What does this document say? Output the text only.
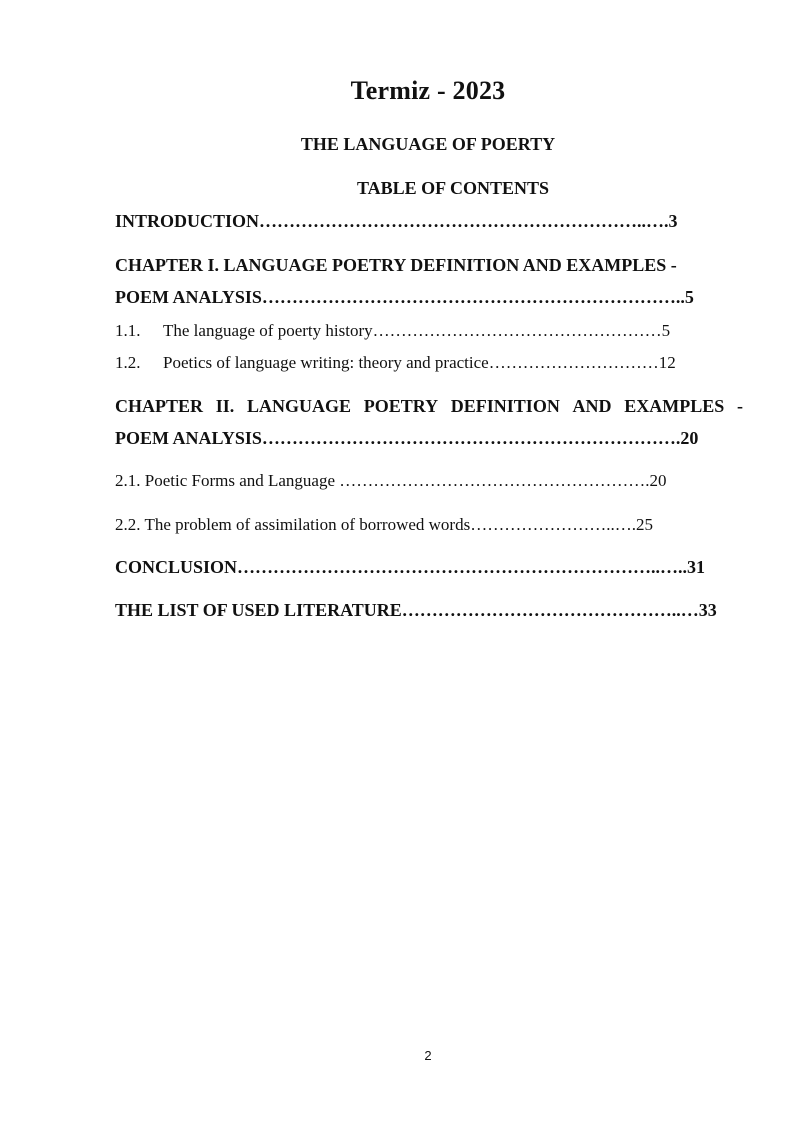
Termiz - 2023
THE LANGUAGE OF POERTY
TABLE OF CONTENTS
INTRODUCTION………………………………………………………..….3
CHAPTER I. LANGUAGE POETRY DEFINITION AND EXAMPLES -
POEM ANALYSIS……………………………………………………………..5
1.1. The language of poerty history……………………………………………5
1.2. Poetics of language writing: theory and practice…………………………12
CHAPTER II. LANGUAGE POETRY DEFINITION AND EXAMPLES -
POEM ANALYSIS…………………………………………………………….20
2.1. Poetic Forms and Language ……………………………………………….20
2.2. The problem of assimilation of borrowed words……………………..….25
CONCLUSION……………………………………………………………..…..31
THE LIST OF USED LITERATURE………………………………………..…33
2
